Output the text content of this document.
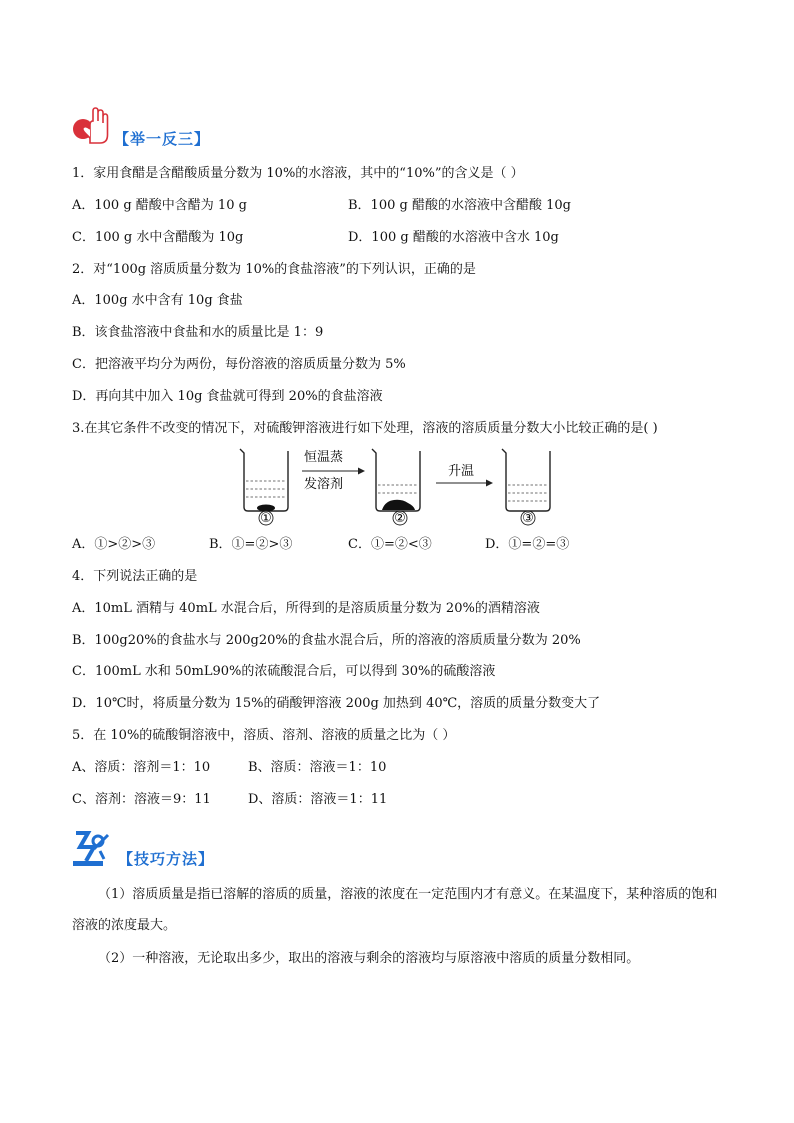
【举一反三】
1．家用食醋是含醋酸质量分数为 10%的水溶液，其中的“10%”的含义是（ ）
A．100 g 醋酸中含醋为 10 g	B．100 g 醋酸的水溶液中含醋酸 10g
C．100 g 水中含醋酸为 10g	D．100 g 醋酸的水溶液中含水 10g
2．对“100g 溶质质量分数为 10%的食盐溶液”的下列认识，正确的是
A．100g 水中含有 10g 食盐
B．该食盐溶液中食盐和水的质量比是 1：9
C．把溶液平均分为两份，每份溶液的溶质质量分数为 5%
D．再向其中加入 10g 食盐就可得到 20%的食盐溶液
3.在其它条件不改变的情况下，对硫酸钾溶液进行如下处理，溶液的溶质质量分数大小比较正确的是( )
①
恒温蒸
发溶剂
②
升温
③
A．①>②>③	B．①=②>③	C．①=②<③	D．①=②=③
4．下列说法正确的是
A．10mL 酒精与 40mL 水混合后，所得到的是溶质质量分数为 20%的酒精溶液
B．100g20%的食盐水与 200g20%的食盐水混合后，所的溶液的溶质质量分数为 20%
C．100mL 水和 50mL90%的浓硫酸混合后，可以得到 30%的硫酸溶液
D．10℃时，将质量分数为 15%的硝酸钾溶液 200g 加热到 40℃，溶质的质量分数变大了
5．在 10%的硫酸铜溶液中，溶质、溶剂、溶液的质量之比为（ ）
A、溶质：溶剂＝1：10	B、溶质：溶液＝1：10
C、溶剂：溶液＝9：11	D、溶质：溶液＝1：11
【技巧方法】
（1）溶质质量是指已溶解的溶质的质量，溶液的浓度在一定范围内才有意义。在某温度下，某种溶质的饱和溶液的浓度最大。
（2）一种溶液，无论取出多少，取出的溶液与剩余的溶液均与原溶液中溶质的质量分数相同。
